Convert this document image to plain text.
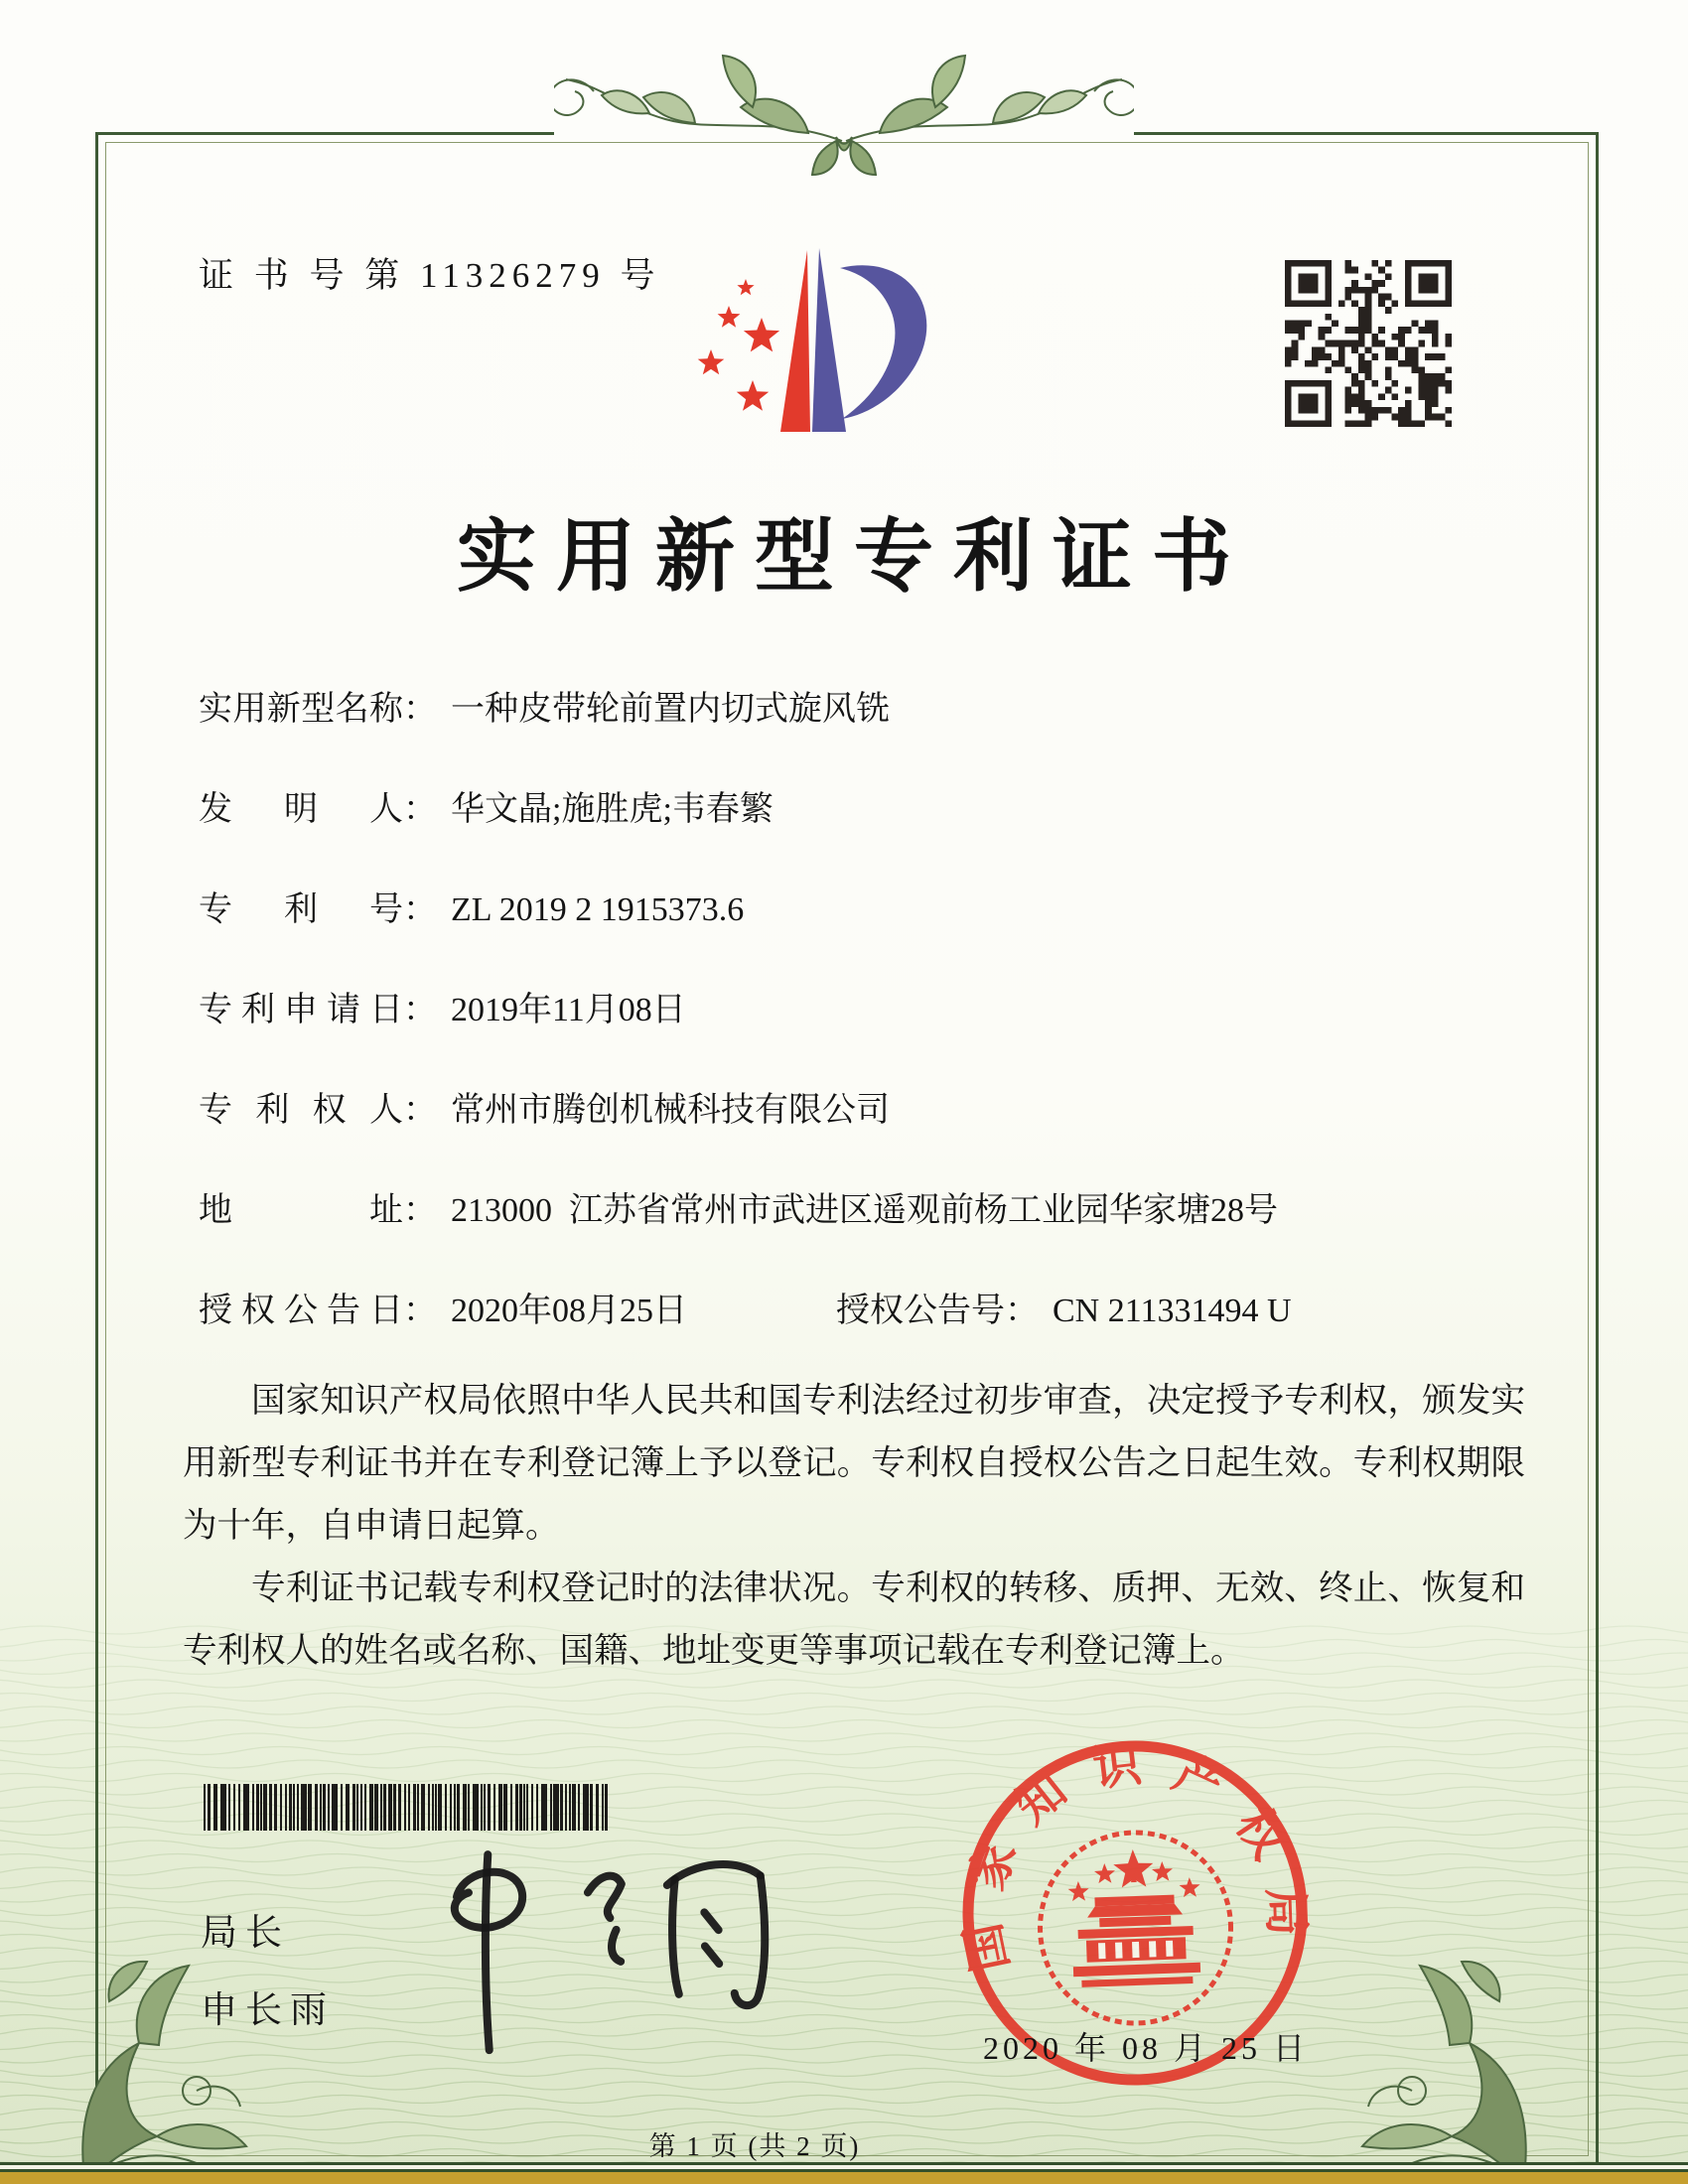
证 书 号 第 11326279 号
实用新型专利证书
实用新型名称 ： 一种皮带轮前置内切式旋风铣
发明人 ： 华文晶;施胜虎;韦春繁
专利号 ： ZL 2019 2 1915373.6
专利申请日 ： 2019年11月08日
专利权人 ： 常州市腾创机械科技有限公司
地址 ： 213000  江苏省常州市武进区遥观前杨工业园华家塘28号
授权公告日 ： 2020年08月25日	授权公告号 ： CN 211331494 U

国家知识产权局依照中华人民共和国专利法经过初步审查，决定授予专利权，颁发实用新型专利证书并在专利登记簿上予以登记。专利权自授权公告之日起生效。专利权期限为十年，自申请日起算。

专利证书记载专利权登记时的法律状况。专利权的转移、质押、无效、终止、恢复和专利权人的姓名或名称、国籍、地址变更等事项记载在专利登记簿上。

局长
申长雨
国家知识产权局
2020 年 08 月 25 日
第 1 页 (共 2 页)
